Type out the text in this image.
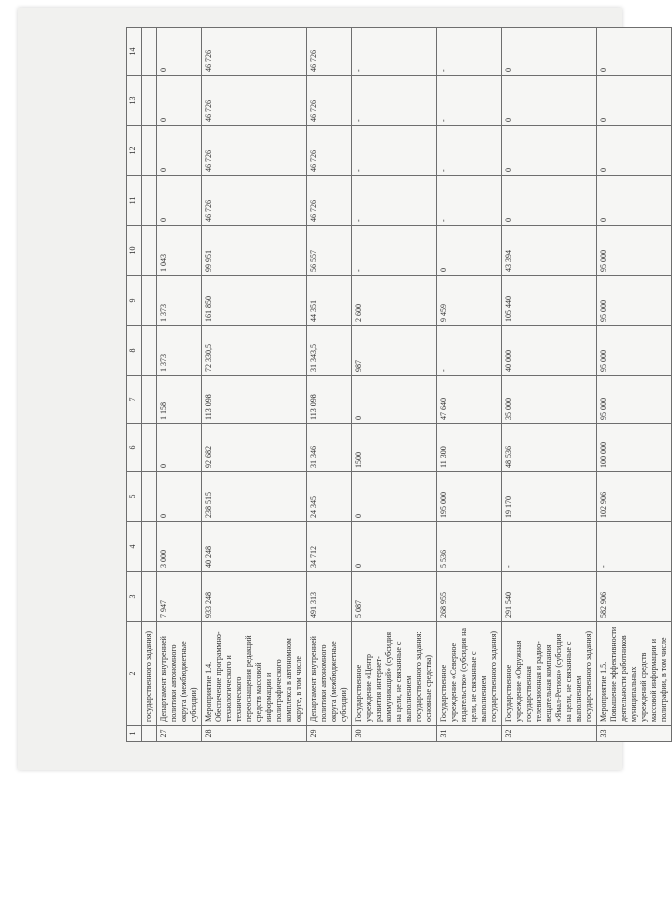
1	2	3	4	5	6	7	8	9	10	11	12	13	14
	государственного задания)												
27	Департамент внутренней политики автономного округа (межбюджетные субсидии)	7 947	3 000	0	0	1 158	1 373	1 373	1 043	0	0	0	0
28	Мероприятие 1.4. Обеспечение программно-технологического и технического переоснащения редакций средств массовой информации и полиграфического комплекса в автономном округе, в том числе	933 248	40 248	238 515	92 682	113 098	72 330,5	161 850	99 951	46 726	46 726	46 726	46 726
29	Департамент внутренней политики автономного округа (межбюджетные субсидии)	491 313	34 712	24 345	31 346	113 098	31 343,5	44 351	56 557	46 726	46 726	46 726	46 726
30	Государственное учреждение «Центр развития интернет-коммуникаций» (субсидия на цели, не связанные с выполнением государственного задания: основные средства)	5 087	0	0	1500	0	987	2 600	-	-	-	-	-
31	Государственное учреждение «Северное издательство» (субсидия на цели, не связанные с выполнением государственного задания)	268 955	5 536	195 000	11 300	47 640	-	9 459	0	-	-	-	-
32	Государственное учреждение «Окружная государственная телевизионная и радио-вещательная компания «Ямал-Регион» (субсидия на цели, не связанные с выполнением государственного задания)	291 540	-	19 170	48 536	35 000	40 000	105 440	43 394	0	0	0	0
33	Мероприятие 1.5. Повышение эффективности деятельности работников муниципальных учреждений средств массовой информации и полиграфии, в том числе	582 906	-	102 906	100 000	95 000	95 000	95 000	95 000	0	0	0	0
